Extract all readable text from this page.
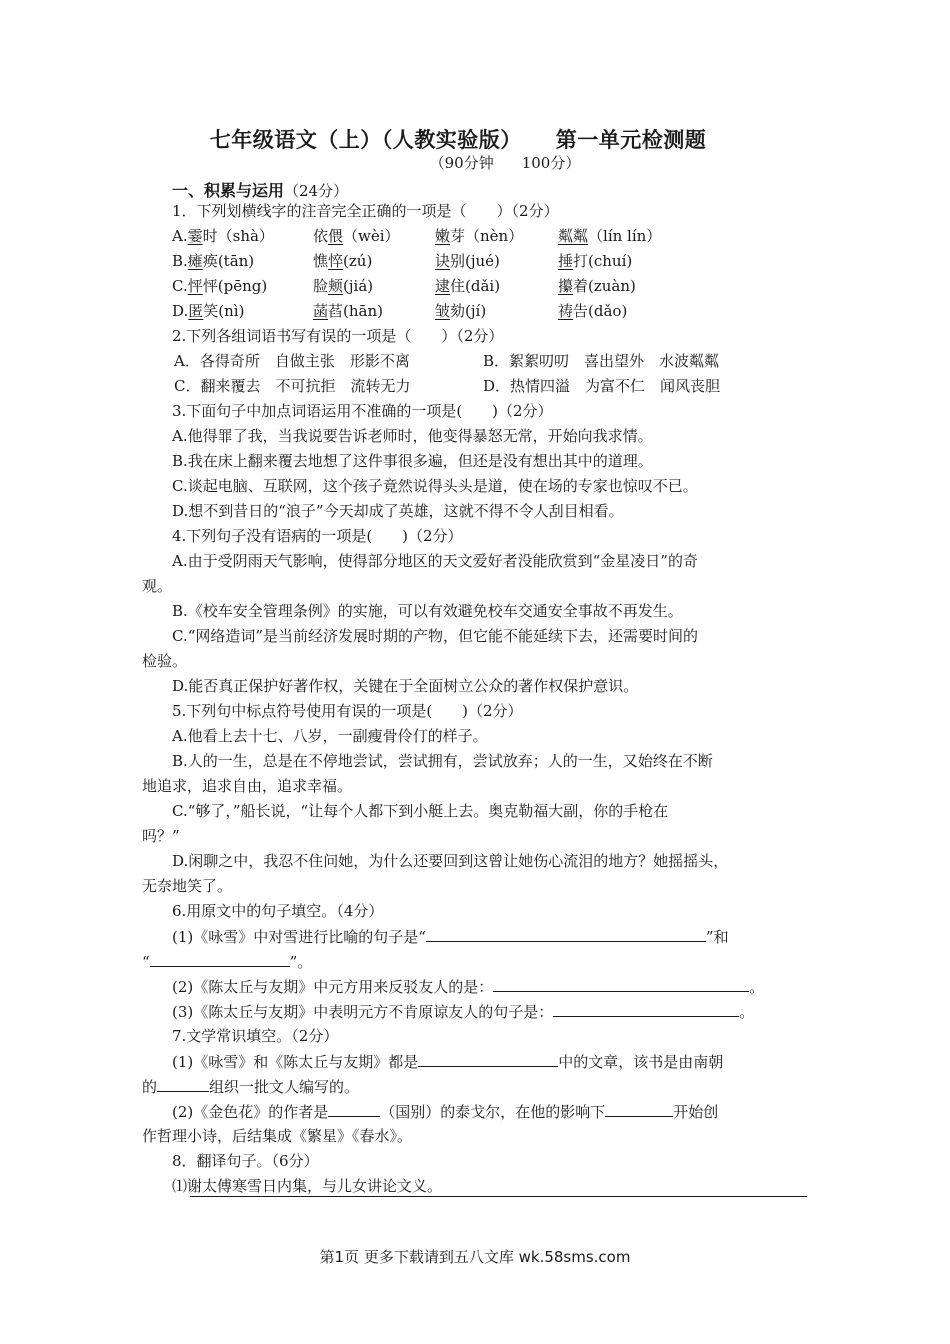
七年级语文（上）（人教实验版） 第一单元检测题
（90分钟 100分）
一、积累与运用（24分）
1．下列划横线字的注音完全正确的一项是（　　）（2分）
A.霎时（shà）	依偎（wèi） 嫩芽（nèn） 粼粼（lín lín）
B.瘫痪(tān)	憔悴(zú)	诀别(jué)	捶打(chuí)
C.怦怦(pēng)	脸颊(jiá)	逮住(dǎi)	攥着(zuàn)
D.匿笑(nì)	菡萏(hān)	皱劾(jí)	祷告(dǎo)
2.下列各组词语书写有误的一项是（　　）（2分）
A．各得奇所　自做主张　形影不离	B．絮絮叨叨　喜出望外　水波粼粼
C．翻来覆去　不可抗拒　流转无力	D．热情四溢　为富不仁　闻风丧胆
3.下面句子中加点词语运用不准确的一项是(　　)（2分）
A.他得罪了我，当我说要告诉老师时，他变得暴怒无常，开始向我求情。
B.我在床上翻来覆去地想了这件事很多遍，但还是没有想出其中的道理。
C.谈起电脑、互联网，这个孩子竟然说得头头是道，使在场的专家也惊叹不已。
D.想不到昔日的“浪子”今天却成了英雄，这就不得不令人刮目相看。
4.下列句子没有语病的一项是(　　)（2分）
A.由于受阴雨天气影响，使得部分地区的天文爱好者没能欣赏到“金星凌日”的奇
观。
B.《校车安全管理条例》的实施，可以有效避免校车交通安全事故不再发生。
C.“网络造词”是当前经济发展时期的产物，但它能不能延续下去，还需要时间的
检验。
D.能否真正保护好著作权，关键在于全面树立公众的著作权保护意识。
5.下列句中标点符号使用有误的一项是(　　)（2分）
A.他看上去十七、八岁，一副瘦骨伶仃的样子。
B.人的一生，总是在不停地尝试，尝试拥有，尝试放弃；人的一生，又始终在不断
地追求，追求自由，追求幸福。
C.“够了，”船长说，“让每个人都下到小艇上去。奥克勒福大副，你的手枪在
吗？”
D.闲聊之中，我忍不住问她，为什么还要回到这曾让她伤心流泪的地方？她摇摇头，
无奈地笑了。
6.用原文中的句子填空。（4分）
(1)《咏雪》中对雪进行比喻的句子是“	”和
“	”。
(2)《陈太丘与友期》中元方用来反驳友人的是：	。
(3)《陈太丘与友期》中表明元方不肯原谅友人的句子是：	。
7.文学常识填空。（2分）
(1)《咏雪》和《陈太丘与友期》都是	中的文章，该书是由南朝
的	组织一批文人编写的。
(2)《金色花》的作者是	（国别）的泰戈尔，在他的影响下	开始创
作哲理小诗，后结集成《繁星》《春水》。
8．翻译句子。（6分）
⑴谢太傅寒雪日内集，与儿女讲论文义。
第1页 更多下载请到五八文库 wk.58sms.com
